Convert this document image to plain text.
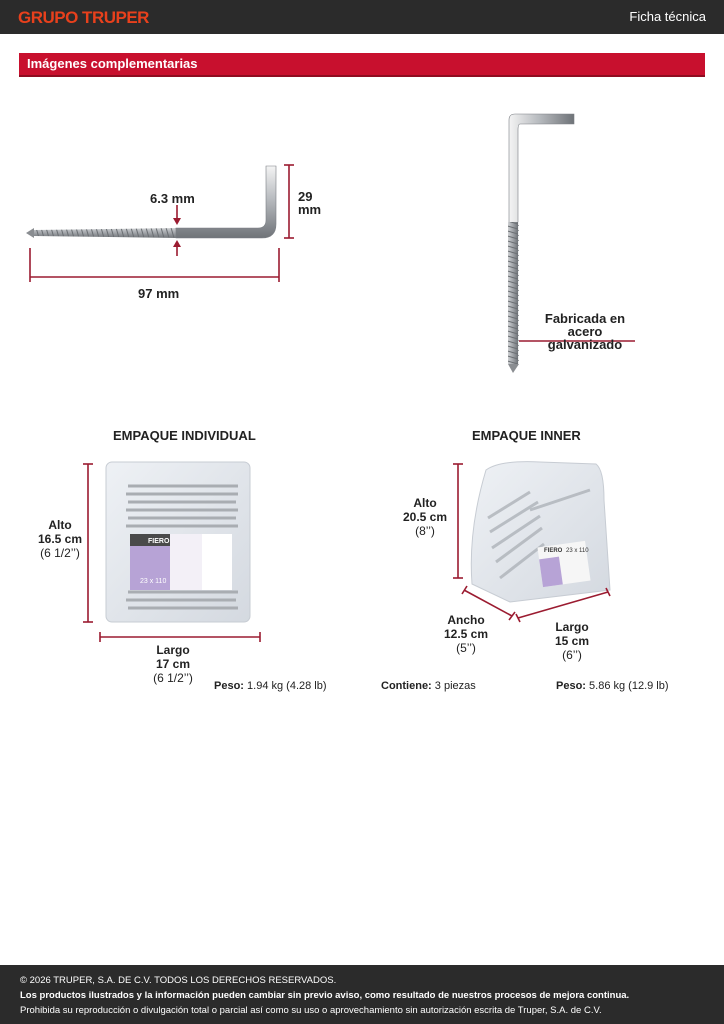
GRUPO TRUPER	Ficha técnica
Imágenes complementarias
6.3 mm	29
mm
97 mm
Fabricada en
acero galvanizado
EMPAQUE INDIVIDUAL
Alto
16.5 cm
(6 1/2’’)
Largo
17 cm
(6 1/2’’)
Peso: 1.94 kg (4.28 lb)
FIERO
23 x 110
EMPAQUE INNER
Alto
20.5 cm
(8’’)
Ancho
12.5 cm
(5’’)
Largo
15 cm
(6’’)
Contiene: 3 piezas	Peso: 5.86 kg (12.9 lb)
FIERO 23 x 110
© 2026 TRUPER, S.A. DE C.V. TODOS LOS DERECHOS RESERVADOS.
Los productos ilustrados y la información pueden cambiar sin previo aviso, como resultado de nuestros procesos de mejora continua.
Prohibida su reproducción o divulgación total o parcial así como su uso o aprovechamiento sin autorización escrita de Truper, S.A. de C.V.
